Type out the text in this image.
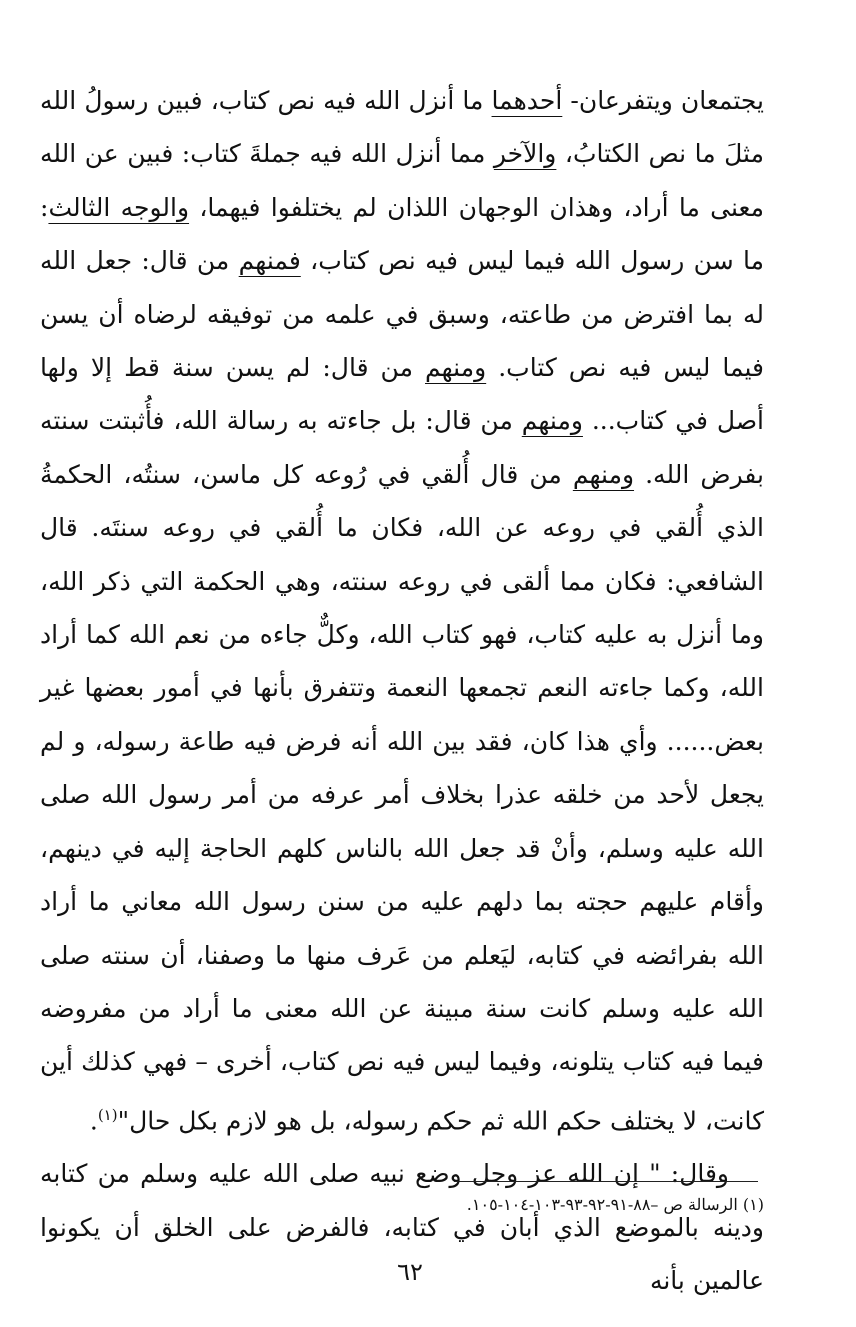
يجتمعان ويتفرعان- أحدهما ما أنزل الله فيه نص كتاب، فبين رسولُ الله مثلَ ما نص الكتابُ، والآخر مما أنزل الله فيه جملةَ كتاب: فبين عن الله معنى ما أراد، وهذان الوجهان اللذان لم يختلفوا فيهما، والوجه الثالث: ما سن رسول الله فيما ليس فيه نص كتاب، فمنهم من قال: جعل الله له بما افترض من طاعته، وسبق في علمه من توفيقه لرضاه أن يسن فيما ليس فيه نص كتاب. ومنهم من قال: لم يسن سنة قط إلا ولها أصل في كتاب... ومنهم من قال: بل جاءته به رسالة الله، فأُثبتت سنته بفرض الله. ومنهم من قال أُلقي في رُوعه كل ماسن، سنتُه، الحكمةُ الذي أُلقي في روعه عن الله، فكان ما أُلقي في روعه سنتَه. قال الشافعي: فكان مما ألقى في روعه سنته، وهي الحكمة التي ذكر الله، وما أنزل به عليه كتاب، فهو كتاب الله، وكلٌّ جاءه من نعم الله كما أراد الله، وكما جاءته النعم تجمعها النعمة وتتفرق بأنها في أمور بعضها غير بعض...... وأي هذا كان، فقد بين الله أنه فرض فيه طاعة رسوله، و لم يجعل لأحد من خلقه عذرا بخلاف أمر عرفه من أمر رسول الله صلى الله عليه وسلم، وأنْ قد جعل الله بالناس كلهم الحاجة إليه في دينهم، وأقام عليهم حجته بما دلهم عليه من سنن رسول الله معاني ما أراد الله بفرائضه في كتابه، ليَعلم من عَرف منها ما وصفنا، أن سنته صلى الله عليه وسلم كانت سنة مبينة عن الله معنى ما أراد من مفروضه فيما فيه كتاب يتلونه، وفيما ليس فيه نص كتاب، أخرى – فهي كذلك أين كانت، لا يختلف حكم الله ثم حكم رسوله، بل هو لازم بكل حال"$^{(١)}$.

وقال: " إن الله عز وجل وضع نبيه صلى الله عليه وسلم من كتابه ودينه بالموضع الذي أبان في كتابه، فالفرض على الخلق أن يكونوا عالمين بأنه

(١) الرسالة ص –٨٨-٩١-٩٢-٩٣-١٠٣-١٠٤-١٠٥.
٦٢
